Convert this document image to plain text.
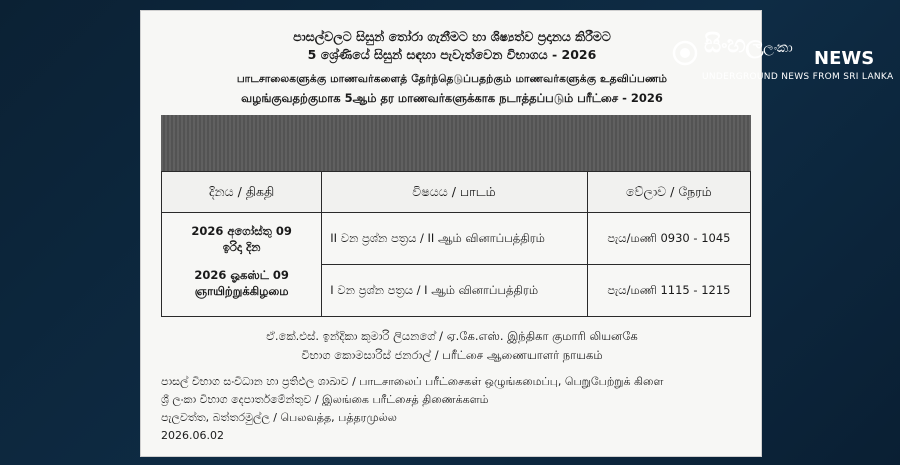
පාසල්වලට සිසුන් තෝරා ගැනීමට හා ශිෂ්‍යත්ව ප්‍රදානය කිරීමට
5 ශ්‍රේණියේ සිසුන් සඳහා පැවැත්වෙන විභාගය - 2026
பாடசாலைகளுக்கு மாணவர்களைத் தேர்ந்தெடுப்பதற்கும் மாணவர்களுக்கு உதவிப்பணம்
வழங்குவதற்குமாக 5ஆம் தர மாணவர்களுக்காக நடாத்தப்படும் பரீட்சை - 2026
දිනය / திகதி	විෂයය / பாடம்	වේලාව / நேரம்

2026 අගෝස්තු 09
ඉරිදා දින
2026 ஓகஸ்ட் 09
ஞாயிற்றுக்கிழமை	II වන ප්‍රශ්න පත්‍රය / II ஆம் வினாப்பத்திரம்	පැය/மணி 0930 - 1045
	I වන ප්‍රශ්න පත්‍රය / I ஆம் வினாப்பத்திரம்	පැය/மணி 1115 - 1215
ඒ.කේ.එස්. ඉන්දිකා කුමාරි ලියනගේ / ஏ.கே.எஸ். இந்திகா குமாரி லியனகே
විභාග කොමසාරිස් ජනරාල් / பரீட்சை ஆணையாளர் நாயகம்
පාසල් විභාග සංවිධාන හා ප්‍රතිඵල ශාඛාව / பாடசாலைப் பரீட்சைகள் ஒழுங்கமைப்பு, பெறுபேற்றுக் கிளை
ශ්‍රී ලංකා විභාග දෙපාර්තමේන්තුව / இலங்கை பரீட்சைத் திணைக்களம்
පැලවත්ත, බත්තරමුල්ල / பெலவத்த, பத்தரமுல்ல
2026.06.02
සිංහලලංකා NEWS
UNDERGROUND NEWS FROM SRI LANKA
